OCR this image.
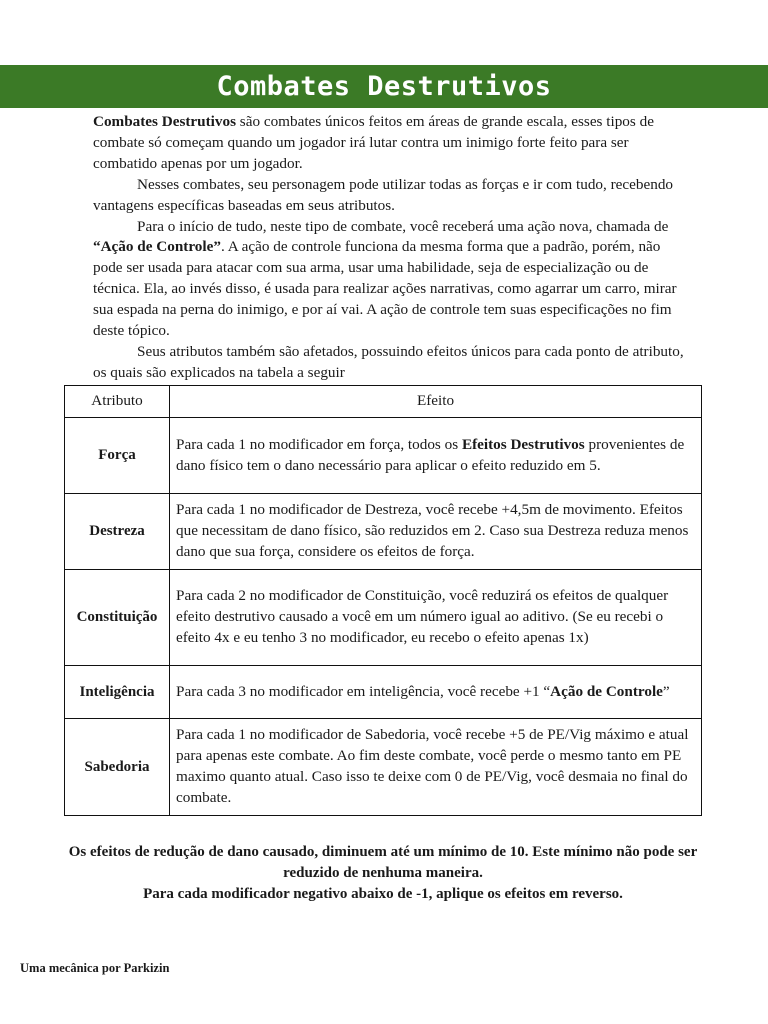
Combates Destrutivos

Combates Destrutivos são combates únicos feitos em áreas de grande escala, esses tipos de combate só começam quando um jogador irá lutar contra um inimigo forte feito para ser combatido apenas por um jogador.

Nesses combates, seu personagem pode utilizar todas as forças e ir com tudo, recebendo vantagens específicas baseadas em seus atributos.

Para o início de tudo, neste tipo de combate, você receberá uma ação nova, chamada de “Ação de Controle”. A ação de controle funciona da mesma forma que a padrão, porém, não pode ser usada para atacar com sua arma, usar uma habilidade, seja de especialização ou de técnica. Ela, ao invés disso, é usada para realizar ações narrativas, como agarrar um carro, mirar sua espada na perna do inimigo, e por aí vai. A ação de controle tem suas especificações no fim deste tópico.

Seus atributos também são afetados, possuindo efeitos únicos para cada ponto de atributo, os quais são explicados na tabela a seguir

Atributo	Efeito
Força	Para cada 1 no modificador em força, todos os Efeitos Destrutivos provenientes de dano físico tem o dano necessário para aplicar o efeito reduzido em 5.
Destreza	Para cada 1 no modificador de Destreza, você recebe +4,5m de movimento. Efeitos que necessitam de dano físico, são reduzidos em 2. Caso sua Destreza reduza menos dano que sua força, considere os efeitos de força.
Constituição	Para cada 2 no modificador de Constituição, você reduzirá os efeitos de qualquer efeito destrutivo causado a você em um número igual ao aditivo. (Se eu recebi o efeito 4x e eu tenho 3 no modificador, eu recebo o efeito apenas 1x)
Inteligência	Para cada 3 no modificador em inteligência, você recebe +1 “Ação de Controle”
Sabedoria	Para cada 1 no modificador de Sabedoria, você recebe +5 de PE/Vig máximo e atual para apenas este combate. Ao fim deste combate, você perde o mesmo tanto em PE maximo quanto atual. Caso isso te deixe com 0 de PE/Vig, você desmaia no final do combate.

Os efeitos de redução de dano causado, diminuem até um mínimo de 10. Este mínimo não pode ser reduzido de nenhuma maneira.

Para cada modificador negativo abaixo de -1, aplique os efeitos em reverso.

Uma mecânica por Parkizin
